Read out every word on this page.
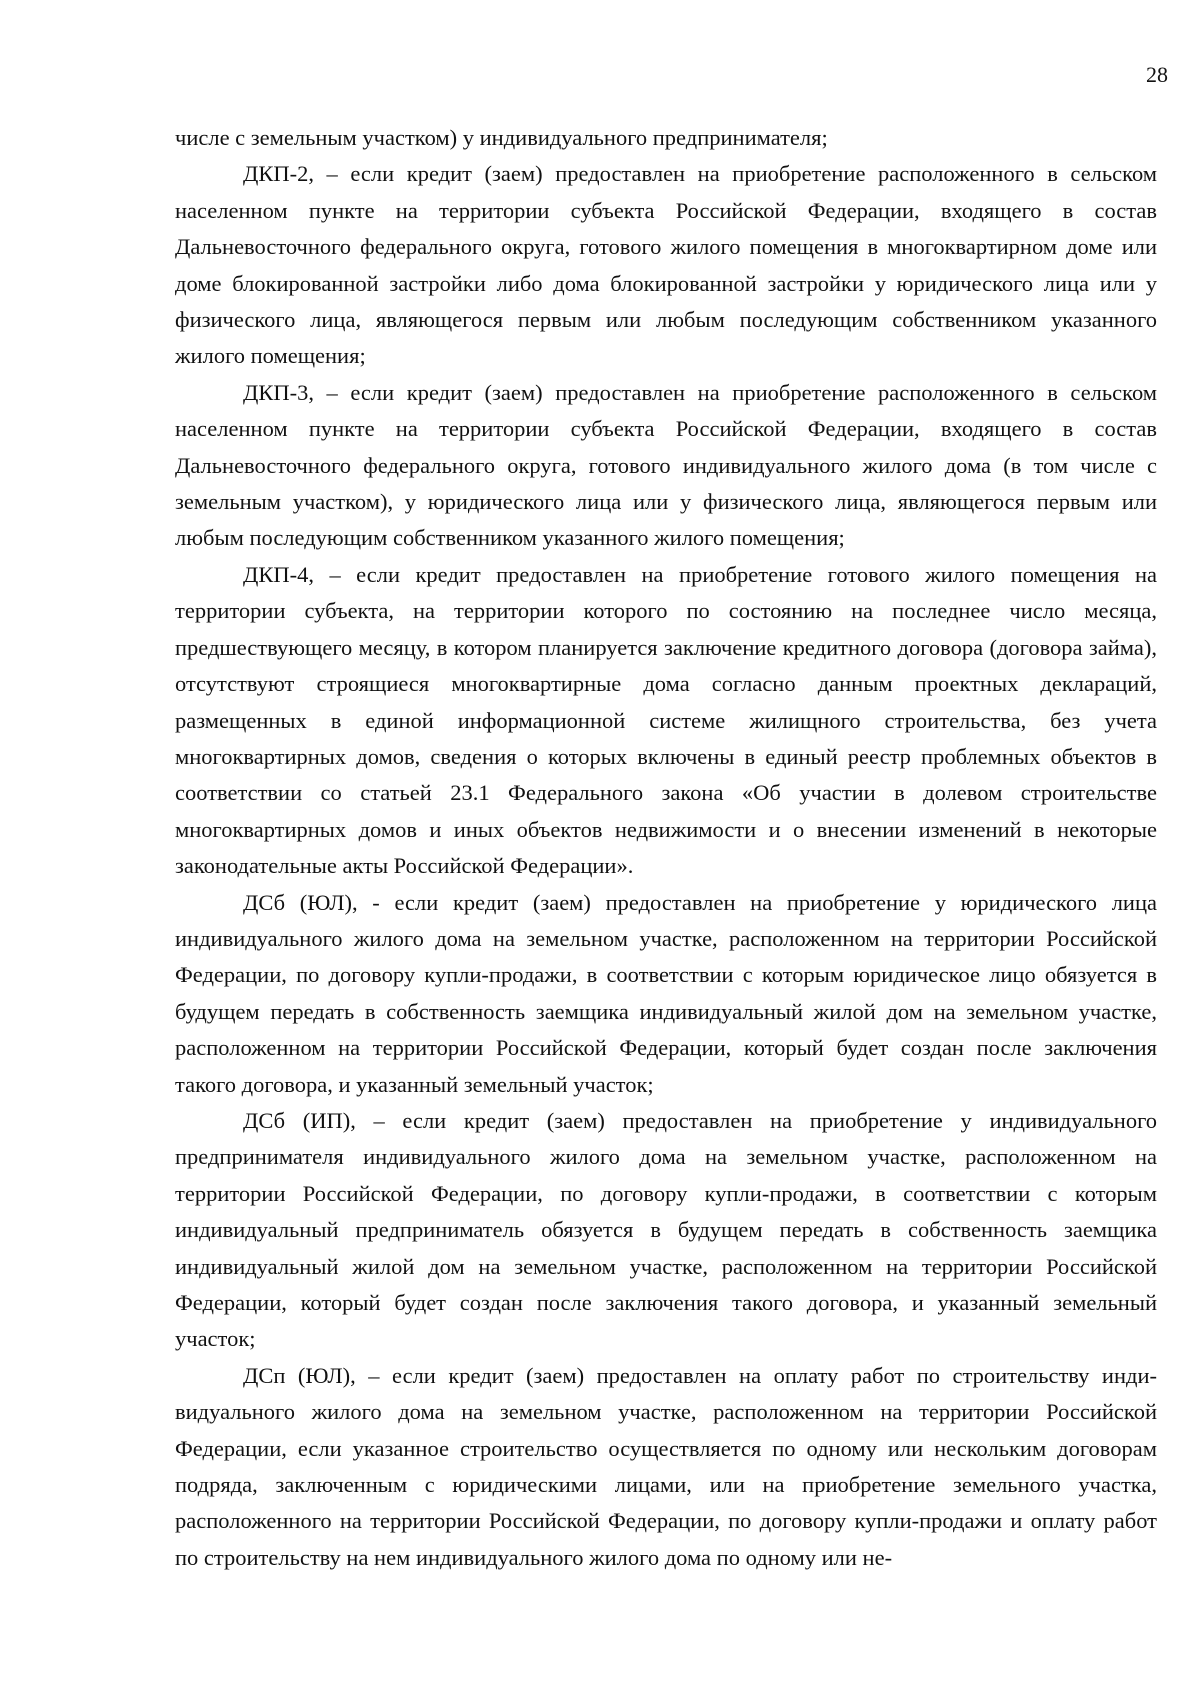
28

числе с земельным участком) у индивидуального предпринимателя;

ДКП-2, – если кредит (заем) предоставлен на приобретение расположенного в сельском населенном пункте на территории субъекта Российской Федерации, входящего в состав Дальневосточного федерального округа, готового жилого помещения в многоквартирном доме или доме блокированной застройки либо дома блокированной застройки у юридического лица или у физического лица, являющегося первым или любым последующим собственником указанного жилого помещения;

ДКП-3, – если кредит (заем) предоставлен на приобретение расположенного в сельском населенном пункте на территории субъекта Российской Федерации, входящего в состав Дальневосточного федерального округа, готового индивидуального жилого дома (в том числе с земельным участком), у юридического лица или у физического лица, являющегося первым или любым последующим собственником указанного жилого помещения;

ДКП-4, – если кредит предоставлен на приобретение готового жилого помещения на территории субъекта, на территории которого по состоянию на последнее число месяца, предшествующего месяцу, в котором планируется заключение кредитного договора (договора займа), отсутствуют строящиеся многоквартирные дома согласно данным проектных деклараций, размещенных в единой информационной системе жилищного строительства, без учета многоквартирных домов, сведения о которых включены в единый реестр проблемных объектов в соответствии со статьей 23.1 Федерального закона «Об участии в долевом строительстве многоквартирных домов и иных объектов недвижимости и о внесении изменений в некоторые законодательные акты Российской Федерации».

ДСб (ЮЛ), - если кредит (заем) предоставлен на приобретение у юридического лица индивидуального жилого дома на земельном участке, расположенном на территории Российской Федерации, по договору купли-продажи, в соответствии с которым юридическое лицо обязуется в будущем передать в собственность заемщика индивидуальный жилой дом на земельном участке, расположенном на территории Российской Федерации, который будет создан после заключения такого договора, и указанный земельный участок;

ДСб (ИП), – если кредит (заем) предоставлен на приобретение у индивидуального предпринимателя индивидуального жилого дома на земельном участке, расположенном на территории Российской Федерации, по договору купли-продажи, в соответствии с которым индивидуальный предприниматель обязуется в будущем передать в собственность заемщика индивидуальный жилой дом на земельном участке, расположенном на территории Российской Федерации, который будет создан после заключения такого договора, и указанный земельный участок;

ДСп (ЮЛ), – если кредит (заем) предоставлен на оплату работ по строительству индивидуального жилого дома на земельном участке, расположенном на территории Российской Федерации, если указанное строительство осуществляется по одному или нескольким договорам подряда, заключенным с юридическими лицами, или на приобретение земельного участка, расположенного на территории Российской Федерации, по договору купли-продажи и оплату работ по строительству на нем индивидуального жилого дома по одному или не-
